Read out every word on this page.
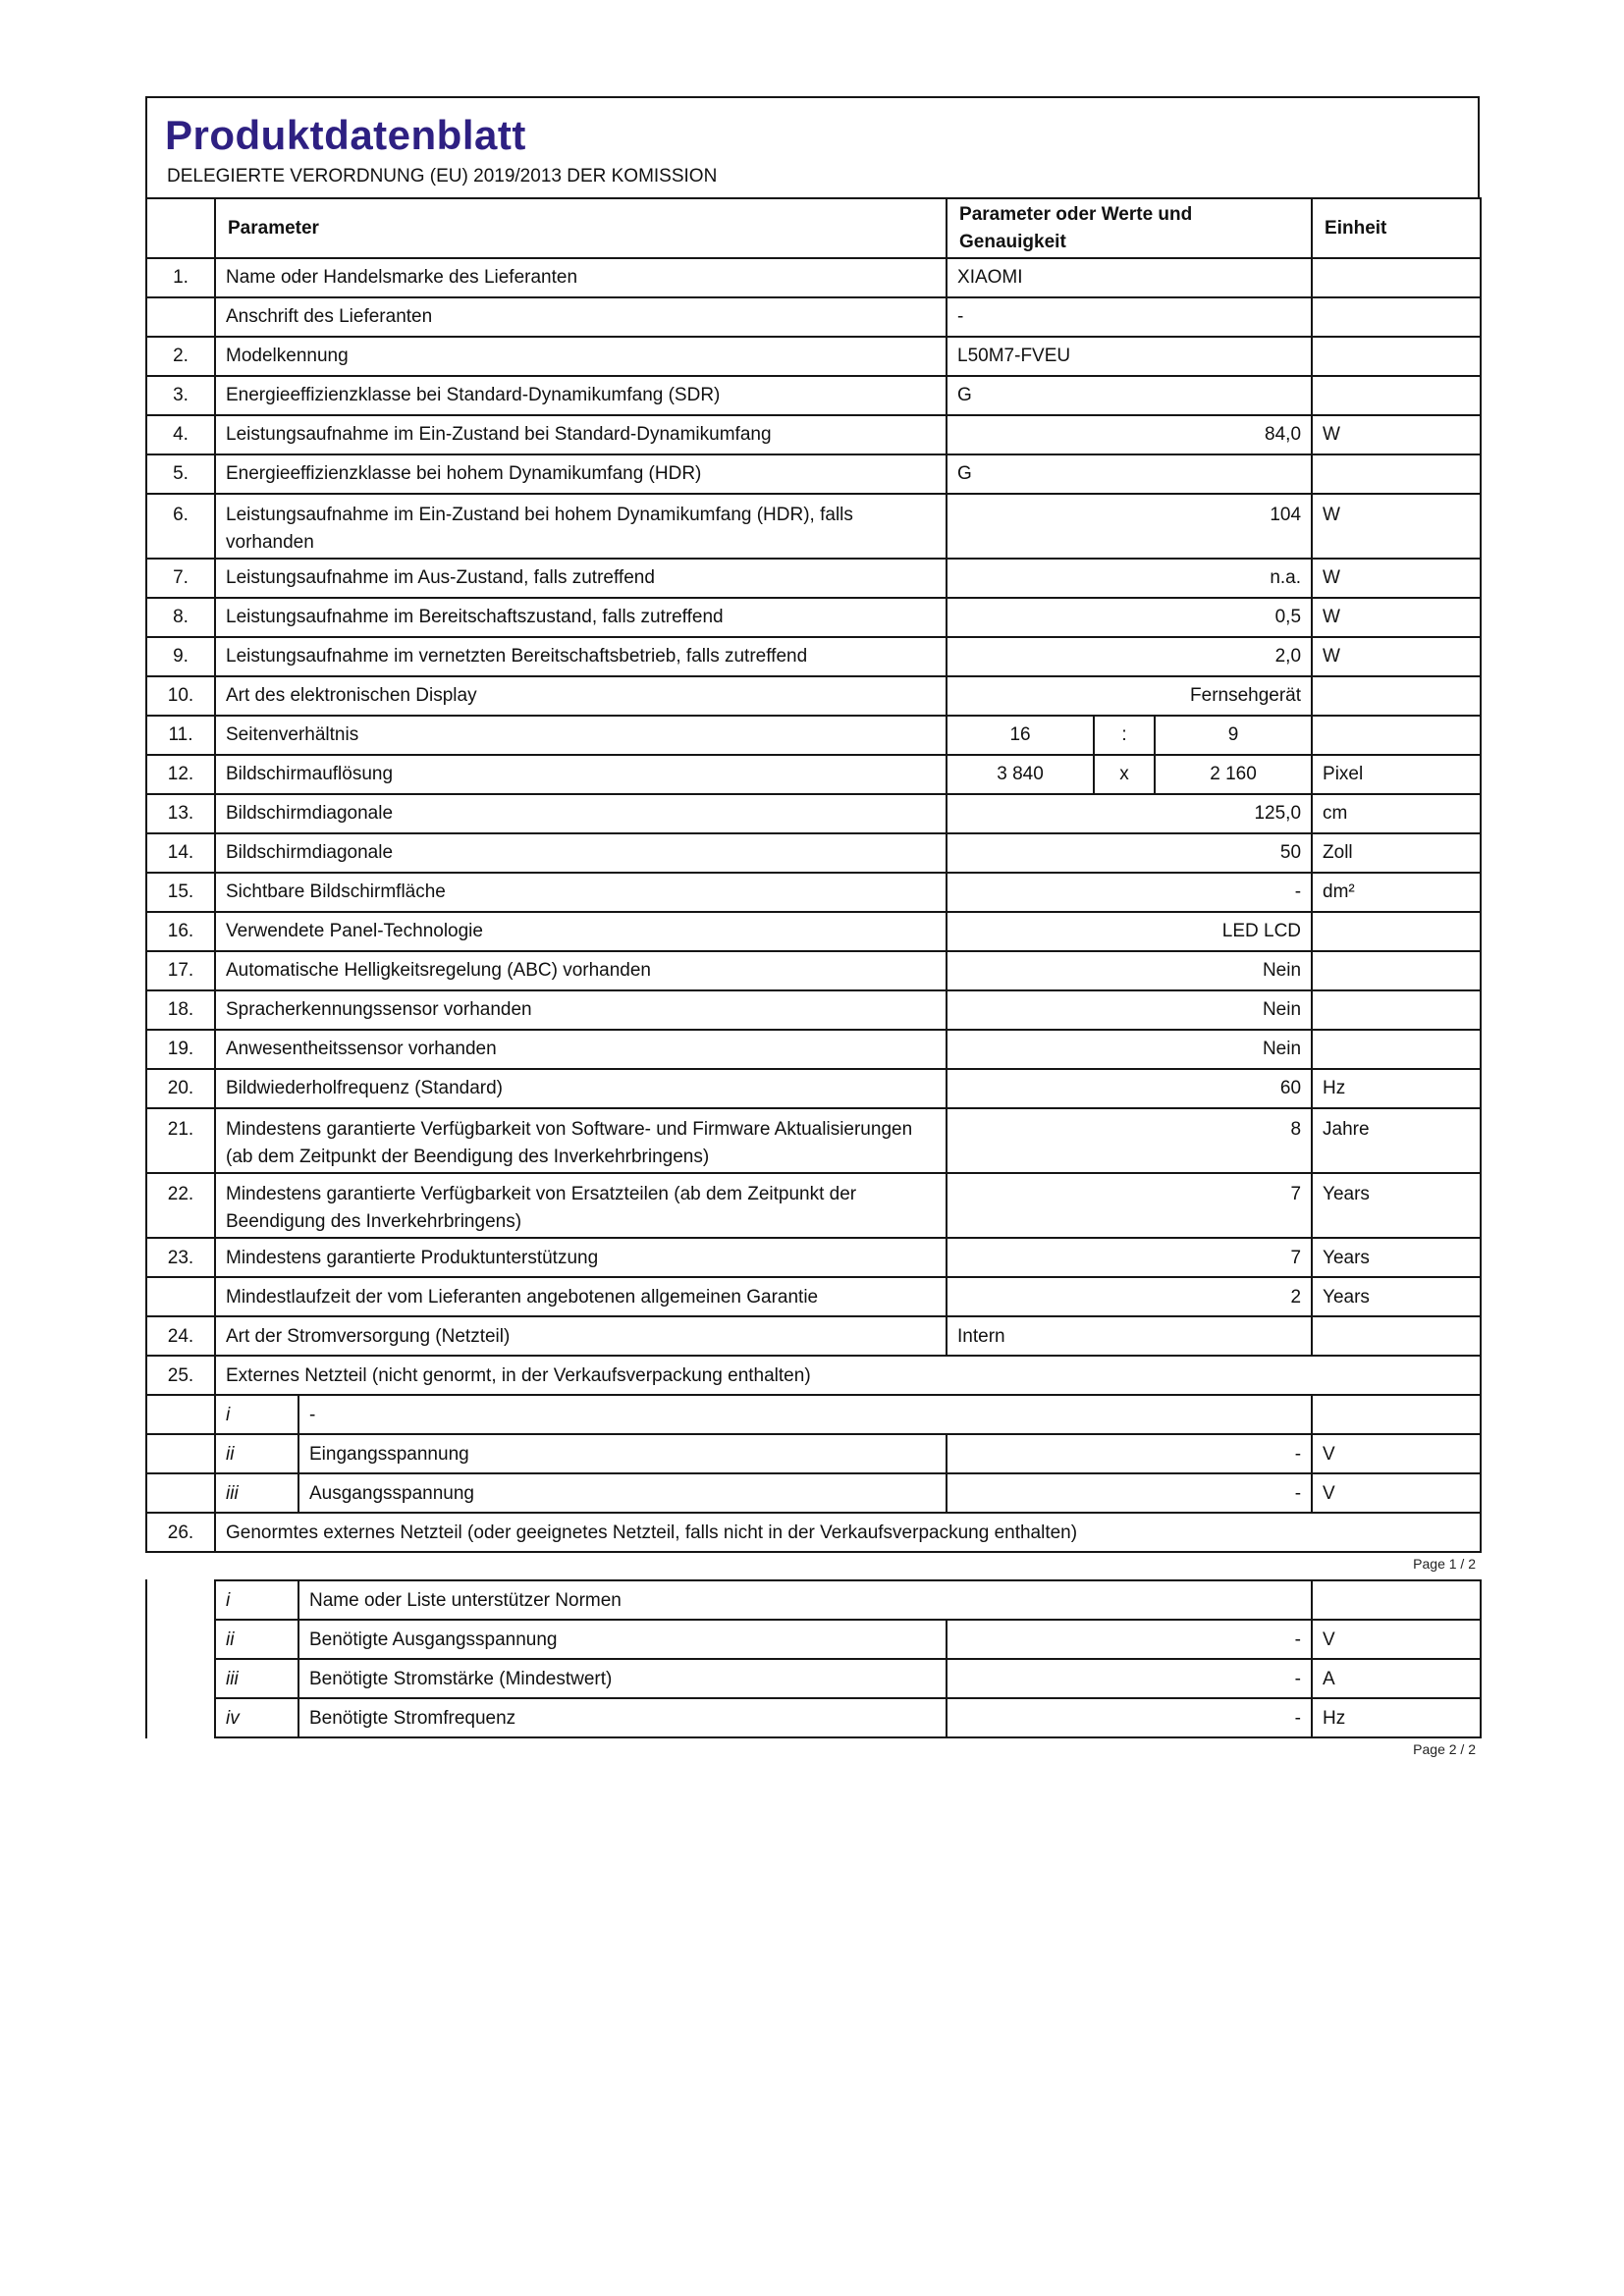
Produktdatenblatt
DELEGIERTE VERORDNUNG (EU) 2019/2013 DER KOMISSION
	Parameter		Parameter oder Werte und Genauigkeit			Einheit
1.	Name oder Handelsmarke des Lieferanten		XIAOMI			
	Anschrift des Lieferanten		-			
2.	Modelkennung		L50M7-FVEU			
3.	Energieeffizienzklasse bei Standard-Dynamikumfang (SDR)		G			
4.	Leistungsaufnahme im Ein-Zustand bei Standard-Dynamikumfang		84,0			W
5.	Energieeffizienzklasse bei hohem Dynamikumfang (HDR)		G			
6.	Leistungsaufnahme im Ein-Zustand bei hohem Dynamikumfang (HDR), falls vorhanden		104			W
7.	Leistungsaufnahme im Aus-Zustand, falls zutreffend		n.a.			W
8.	Leistungsaufnahme im Bereitschaftszustand, falls zutreffend		0,5			W
9.	Leistungsaufnahme im vernetzten Bereitschaftsbetrieb, falls zutreffend		2,0			W
10.	Art des elektronischen Display		Fernsehgerät			
11.	Seitenverhältnis		16	:	9	
12.	Bildschirmauflösung		3 840	x	2 160	Pixel
13.	Bildschirmdiagonale		125,0			cm
14.	Bildschirmdiagonale		50			Zoll
15.	Sichtbare Bildschirmfläche		-			dm²
16.	Verwendete Panel-Technologie		LED LCD			
17.	Automatische Helligkeitsregelung (ABC) vorhanden		Nein			
18.	Spracherkennungssensor vorhanden		Nein			
19.	Anwesentheitssensor vorhanden		Nein			
20.	Bildwiederholfrequenz (Standard)		60			Hz
21.	Mindestens garantierte Verfügbarkeit von Software- und Firmware Aktualisierungen (ab dem Zeitpunkt der Beendigung des Inverkehrbringens)		8			Jahre
22.	Mindestens garantierte Verfügbarkeit von Ersatzteilen (ab dem Zeitpunkt der Beendigung des Inverkehrbringens)		7			Years
23.	Mindestens garantierte Produktunterstützung		7			Years
	Mindestlaufzeit der vom Lieferanten angebotenen allgemeinen Garantie		2			Years
24.	Art der Stromversorgung (Netzteil)		Intern			
25.	Externes Netzteil (nicht genormt, in der Verkaufsverpackung enthalten)					
	i	-				
	ii	Eingangsspannung	-			V
	iii	Ausgangsspannung	-			V
26.	Genormtes externes Netzteil (oder geeignetes Netzteil, falls nicht in der Verkaufsverpackung enthalten)					
Page 1 / 2
i	Name oder Liste unterstützer Normen		
ii	Benötigte Ausgangsspannung	-	V
iii	Benötigte Stromstärke (Mindestwert)	-	A
iv	Benötigte Stromfrequenz	-	Hz
Page 2 / 2
